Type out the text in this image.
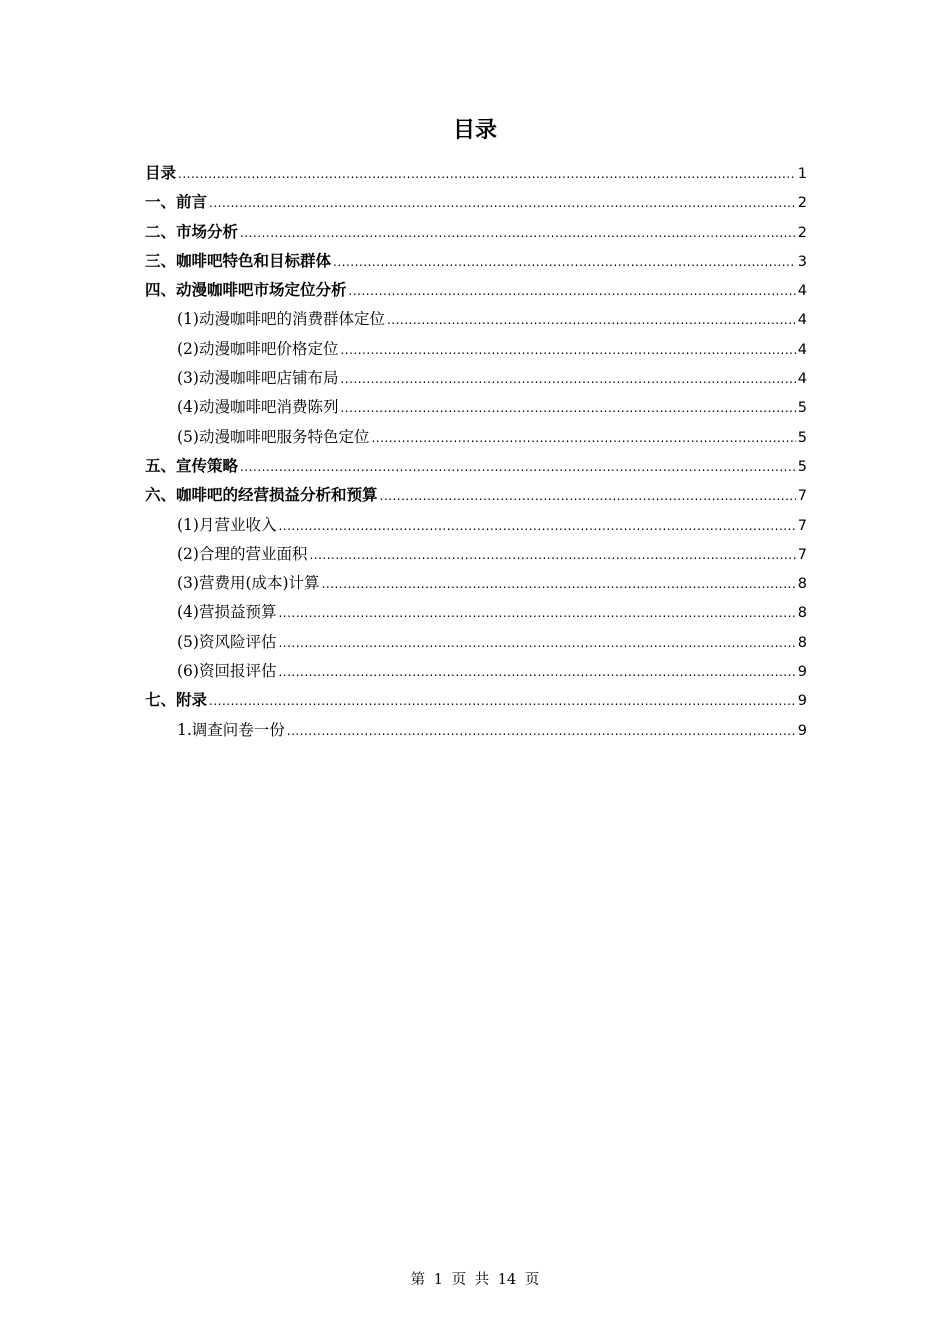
目录
目录 .....	1
一、前言 .....	2
二、市场分析 .....	2
三、咖啡吧特色和目标群体 .....	3
四、动漫咖啡吧市场定位分析 .....	4
(1)动漫咖啡吧的消费群体定位 .....	4
(2)动漫咖啡吧价格定位 .....	4
(3)动漫咖啡吧店铺布局 .....	4
(4)动漫咖啡吧消费陈列 .....	5
(5)动漫咖啡吧服务特色定位 .....	5
五、宣传策略 .....	5
六、咖啡吧的经营损益分析和预算 .....	7
(1)月营业收入 .....	7
(2)合理的营业面积 .....	7
(3)营费用(成本)计算 .....	8
(4)营损益预算 .....	8
(5)资风险评估 .....	8
(6)资回报评估 .....	9
七、附录 .....	9
1.调查问卷一份 .....	9
第 1 页 共 14 页
